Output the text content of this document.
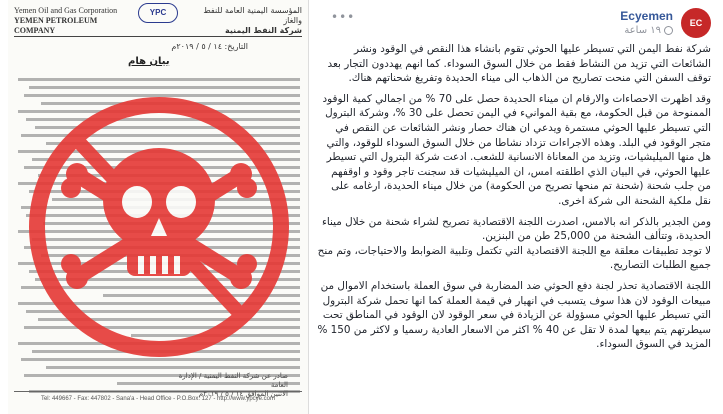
Yemen Oil and Gas Corporation
YEMEN PETROLEUM COMPANY
YPC	المؤسسة اليمنية العامة للنفط والغاز
شركة النفط اليمنية
التاريخ: ١٤ / ٥ / ٢٠١٩م
بيان هام
صادر عن شركة النفط اليمنية / الإدارة العامة
الاثنين الموافق ١٤ / ٥ / ٢٠١٩م
Tel: 449667 - Fax: 447802 - Sana'a - Head Office - P.O.Box: 127 - http://www.ypcye.com
EC
Ecyemen
١٩ ساعة
•••

شركة نفط اليمن التي تسيطر عليها الحوثي تقوم بانشاء هذا النقص في الوقود ونشر الشائعات التي تزيد من النشاط فقط من خلال السوق السوداء. كما انهم يهددون التجار بعد توقف السفن التي منحت تصاريح من الذهاب الى ميناء الحديدة وتفريغ شحناتهم هناك.

وقد اظهرت الاحصاءات والارقام ان ميناء الحديدة حصل على 70 % من اجمالي كمية الوقود الممنوحة من قبل الحكومة، مع بقية الموانيء في اليمن تحصل على 30 %، وشركة البترول التي تسيطر عليها الحوثي مستمرة ويدعي ان هناك حصار ونشر الشائعات عن النقص في متجر الوقود في البلد. وهذه الاجراءات تزداد نشاطا من خلال السوق السوداء للوقود، والتي هل منها الميليشيات، وتزيد من المعاناة الانسانية للشعب. ادعت شركة البترول التي تسيطر عليها الحوثي، في البيان الذي اطلقته امس، ان الميليشيات قد سجنت تاجر وقود و اوقفهم من جلب شحنة (شحنة تم منحها تصريح من الحكومة) من خلال ميناء الحديدة، ارغامه على نقل ملكية الشحنة الى شركة اخرى.

ومن الجدير بالذكر انه بالامس، اصدرت اللجنة الاقتصادية تصريح لشراء شحنة من خلال ميناء الحديدة، وتتألف الشحنة من 25,000 طن من البنزين.

لا توجد تطبيقات معلقة مع اللجنة الاقتصادية التي تكتمل وتلبية الضوابط والاحتياجات، وتم منح جميع الطلبات التصاريح.

اللجنة الاقتصادية تحذر لجنة دفع الحوثي ضد المضاربة في سوق العملة باستخدام الاموال من مبيعات الوقود لان هذا سوف يتسبب في انهيار في قيمة العملة كما انها تحمل شركة البترول التي تسيطر عليها الحوثي مسؤولة عن الزيادة في سعر الوقود لان الوقود في المناطق تحت سيطرتهم يتم بيعها لمدة لا تقل عن 40 % اكثر من الاسعار العادية رسميا و لاكثر من 150 % المزيد في السوق السوداء.
